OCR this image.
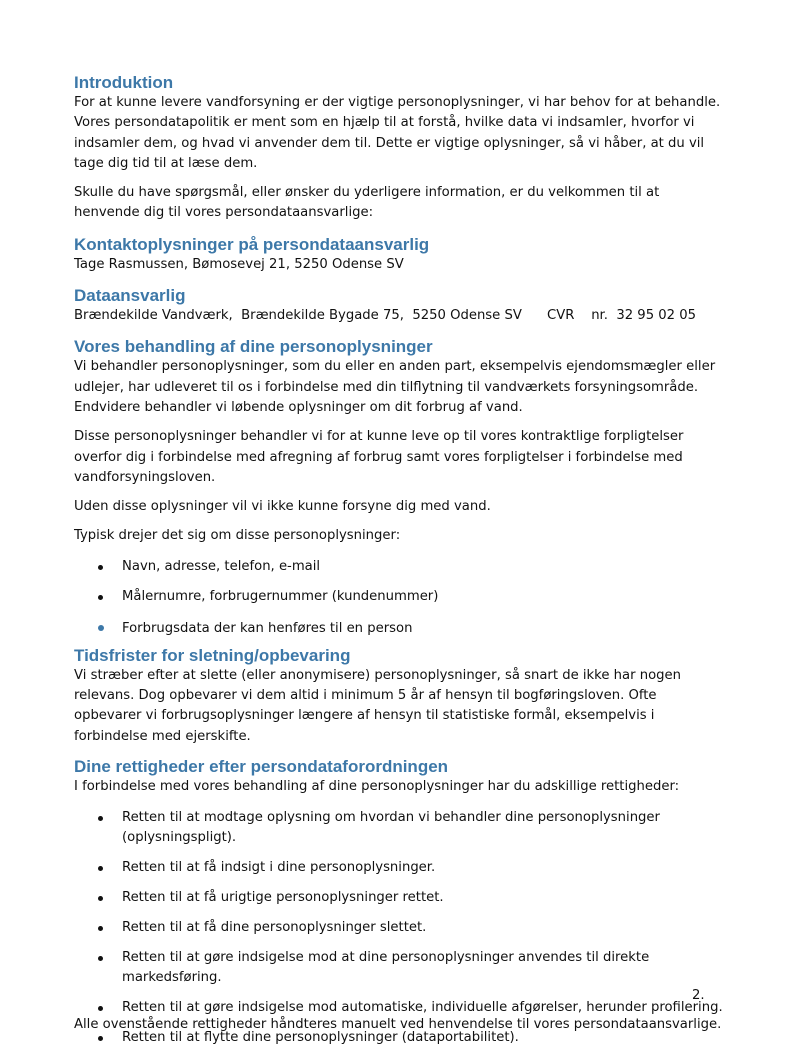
Introduktion

For at kunne levere vandforsyning er der vigtige personoplysninger, vi har behov for at behandle. Vores persondatapolitik er ment som en hjælp til at forstå, hvilke data vi indsamler, hvorfor vi indsamler dem, og hvad vi anvender dem til. Dette er vigtige oplysninger, så vi håber, at du vil tage dig tid til at læse dem.

Skulle du have spørgsmål, eller ønsker du yderligere information, er du velkommen til at henvende dig til vores persondataansvarlige:

Kontaktoplysninger på persondataansvarlig

Tage Rasmussen, Bømosevej 21, 5250 Odense SV

Dataansvarlig

Brændekilde Vandværk,  Brændekilde Bygade 75,  5250 Odense SV      CVR    nr.  32 95 02 05

Vores behandling af dine personoplysninger

Vi behandler personoplysninger, som du eller en anden part, eksempelvis ejendomsmægler eller udlejer, har udleveret til os i forbindelse med din tilflytning til vandværkets forsyningsområde. Endvidere behandler vi løbende oplysninger om dit forbrug af vand.

Disse personoplysninger behandler vi for at kunne leve op til vores kontraktlige forpligtelser overfor dig i forbindelse med afregning af forbrug samt vores forpligtelser i forbindelse med vandforsyningsloven.

Uden disse oplysninger vil vi ikke kunne forsyne dig med vand.

Typisk drejer det sig om disse personoplysninger:

Navn, adresse, telefon, e-mail
Målernumre, forbrugernummer (kundenummer)
Forbrugsdata der kan henføres til en person
Tidsfrister for sletning/opbevaring

Vi stræber efter at slette (eller anonymisere) personoplysninger, så snart de ikke har nogen relevans. Dog opbevarer vi dem altid i minimum 5 år af hensyn til bogføringsloven. Ofte opbevarer vi forbrugsoplysninger længere af hensyn til statistiske formål, eksempelvis i forbindelse med ejerskifte.

Dine rettigheder efter persondataforordningen

I forbindelse med vores behandling af dine personoplysninger har du adskillige rettigheder:

Retten til at modtage oplysning om hvordan vi behandler dine personoplysninger (oplysningspligt).
Retten til at få indsigt i dine personoplysninger.
Retten til at få urigtige personoplysninger rettet.
Retten til at få dine personoplysninger slettet.
Retten til at gøre indsigelse mod at dine personoplysninger anvendes til direkte markedsføring.
Retten til at gøre indsigelse mod automatiske, individuelle afgørelser, herunder profilering.
Retten til at flytte dine personoplysninger (dataportabilitet).
2.
Alle ovenstående rettigheder håndteres manuelt ved henvendelse til vores persondataansvarlige.
